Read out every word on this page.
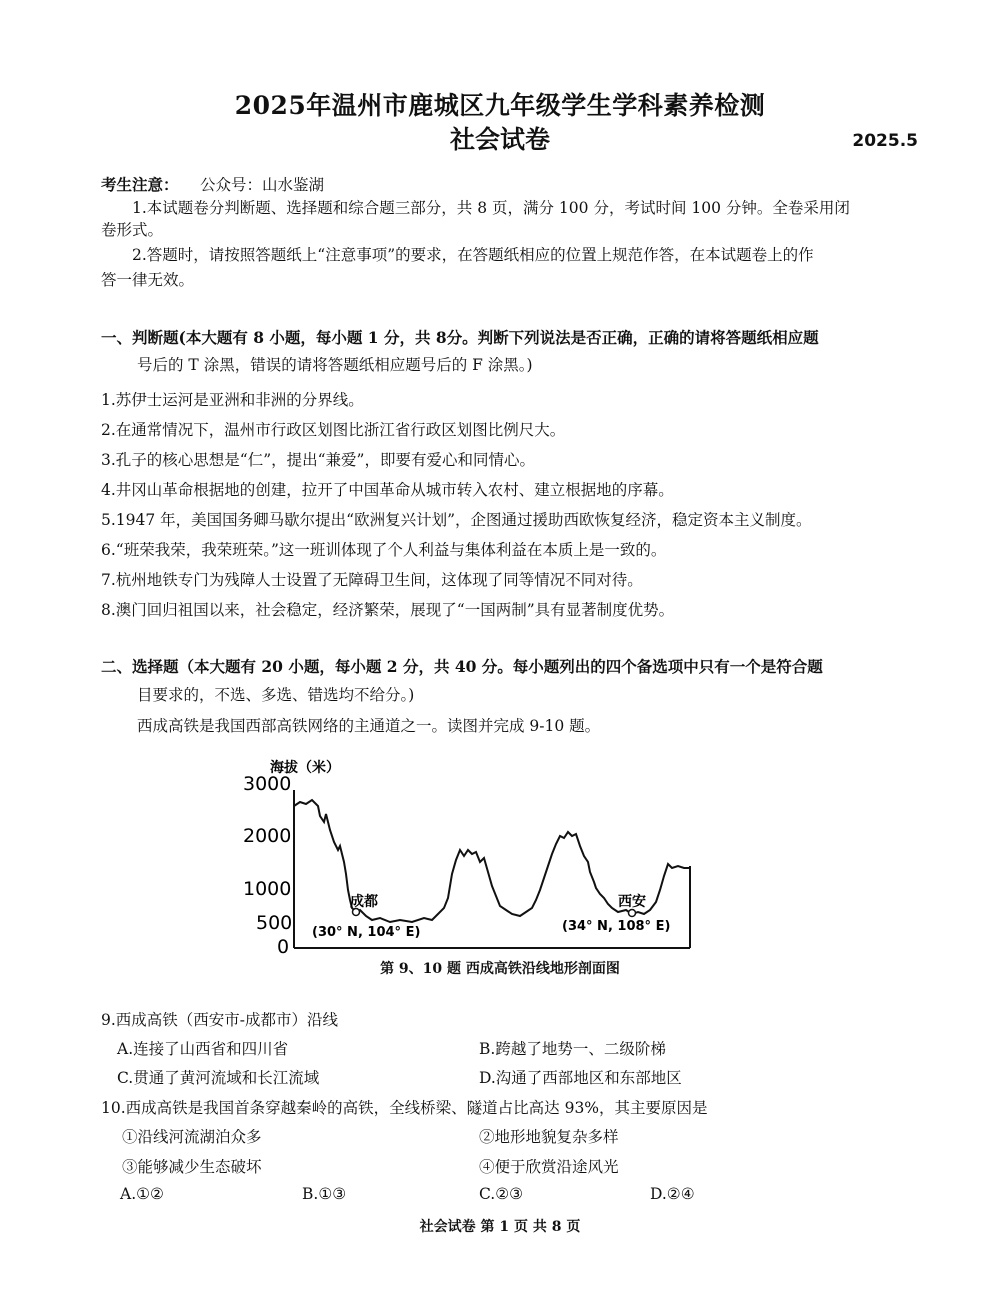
2025年温州市鹿城区九年级学生学科素养检测
社会试卷	2025.5
考生注意： 公众号：山水鉴湖
1.本试题卷分判断题、选择题和综合题三部分，共 8 页，满分 100 分，考试时间 100 分钟。全卷采用闭
卷形式。
2.答题时，请按照答题纸上“注意事项”的要求，在答题纸相应的位置上规范作答，在本试题卷上的作
答一律无效。
一、判断题(本大题有 8 小题，每小题 1 分，共 8分。判断下列说法是否正确，正确的请将答题纸相应题
号后的 T 涂黑，错误的请将答题纸相应题号后的 F 涂黑。)
1.苏伊士运河是亚洲和非洲的分界线。
2.在通常情况下，温州市行政区划图比浙江省行政区划图比例尺大。
3.孔子的核心思想是“仁”，提出“兼爱”，即要有爱心和同情心。
4.井冈山革命根据地的创建，拉开了中国革命从城市转入农村、建立根据地的序幕。
5.1947 年，美国国务卿马歇尔提出“欧洲复兴计划”，企图通过援助西欧恢复经济，稳定资本主义制度。
6.“班荣我荣，我荣班荣。”这一班训体现了个人利益与集体利益在本质上是一致的。
7.杭州地铁专门为残障人士设置了无障碍卫生间，这体现了同等情况不同对待。
8.澳门回归祖国以来，社会稳定，经济繁荣，展现了“一国两制”具有显著制度优势。
二、选择题（本大题有 20 小题，每小题 2 分，共 40 分。每小题列出的四个备选项中只有一个是符合题
目要求的，不选、多选、错选均不给分。)
西成高铁是我国西部高铁网络的主通道之一。读图并完成 9-10 题。
海拔（米）
3000
2000
1000
500
0
成都
(30° N, 104° E)
西安
(34° N, 108° E)
第 9、10 题 西成高铁沿线地形剖面图
9.西成高铁（西安市-成都市）沿线
A.连接了山西省和四川省	B.跨越了地势一、二级阶梯
C.贯通了黄河流域和长江流域	D.沟通了西部地区和东部地区
10.西成高铁是我国首条穿越秦岭的高铁，全线桥梁、隧道占比高达 93%，其主要原因是
①沿线河流湖泊众多	②地形地貌复杂多样
③能够减少生态破坏	④便于欣赏沿途风光
A.①②	B.①③	C.②③	D.②④
社会试卷 第 1 页 共 8 页
